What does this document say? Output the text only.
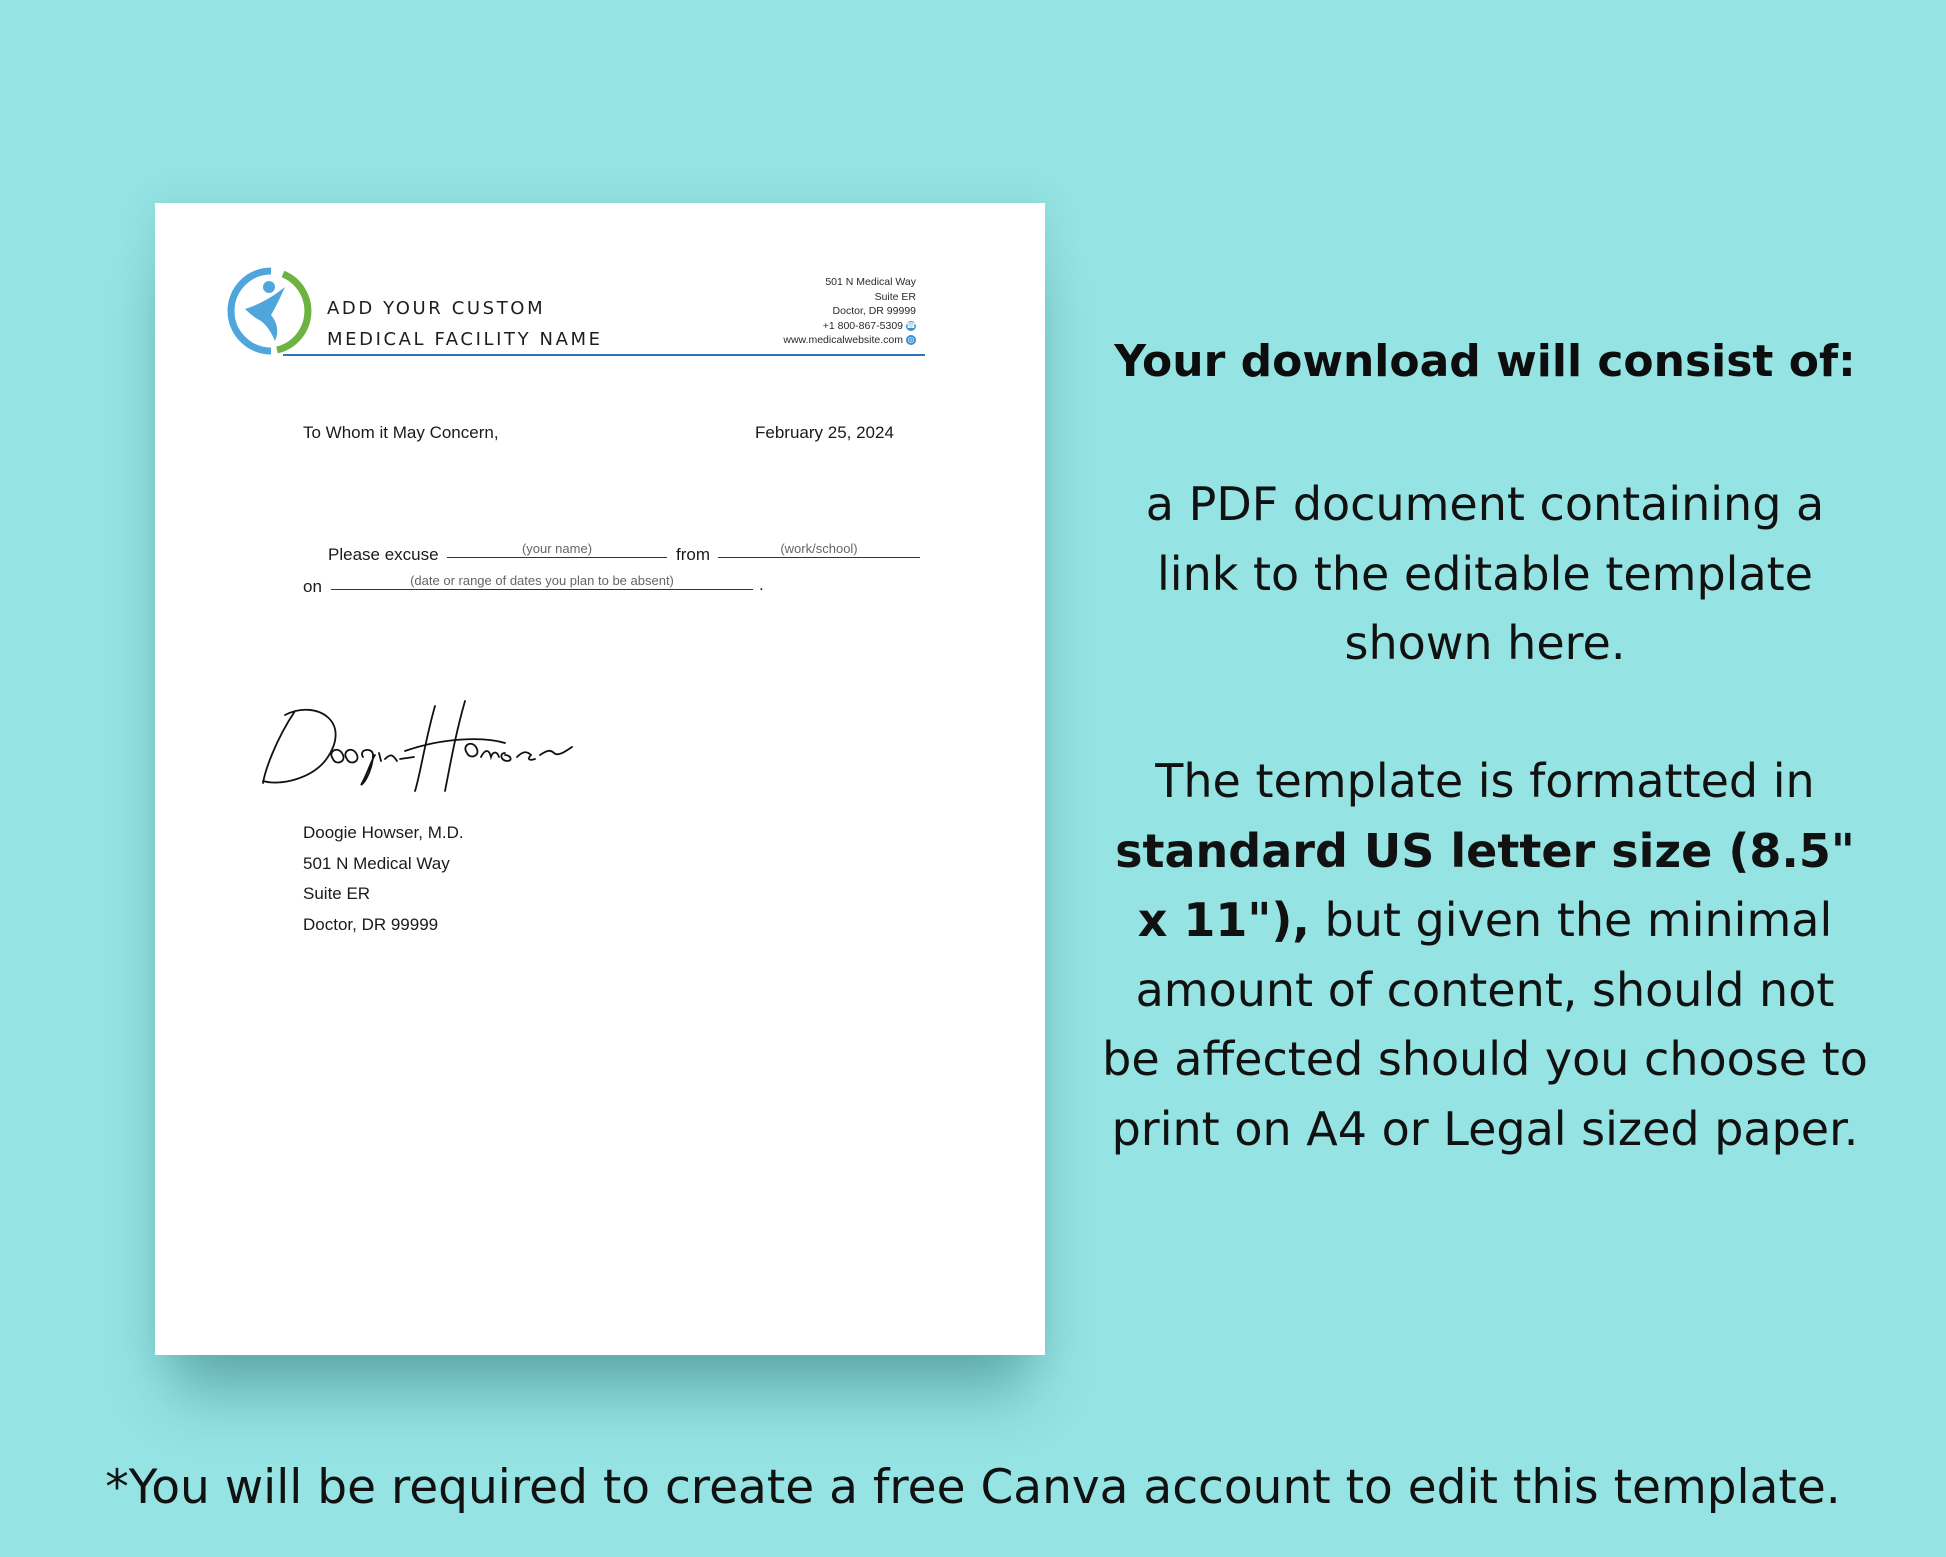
ADD YOUR CUSTOM
MEDICAL FACILITY NAME
501 N Medical Way
Suite ER
Doctor, DR 99999
+1 800-867-5309 ☎
www.medicalwebsite.com ◎
To Whom it May Concern,	February 25, 2024
Please excuse	(your name)	from	(work/school)
on	(date or range of dates you plan to be absent)	.
Doogie Howser, M.D.
501 N Medical Way
Suite ER
Doctor, DR 99999
Your download will consist of:
a PDF document containing a link to the editable template shown here.
The template is formatted in standard US letter size (8.5" x 11"), but given the minimal amount of content, should not be affected should you choose to print on A4 or Legal sized paper.
*You will be required to create a free Canva account to edit this template.
